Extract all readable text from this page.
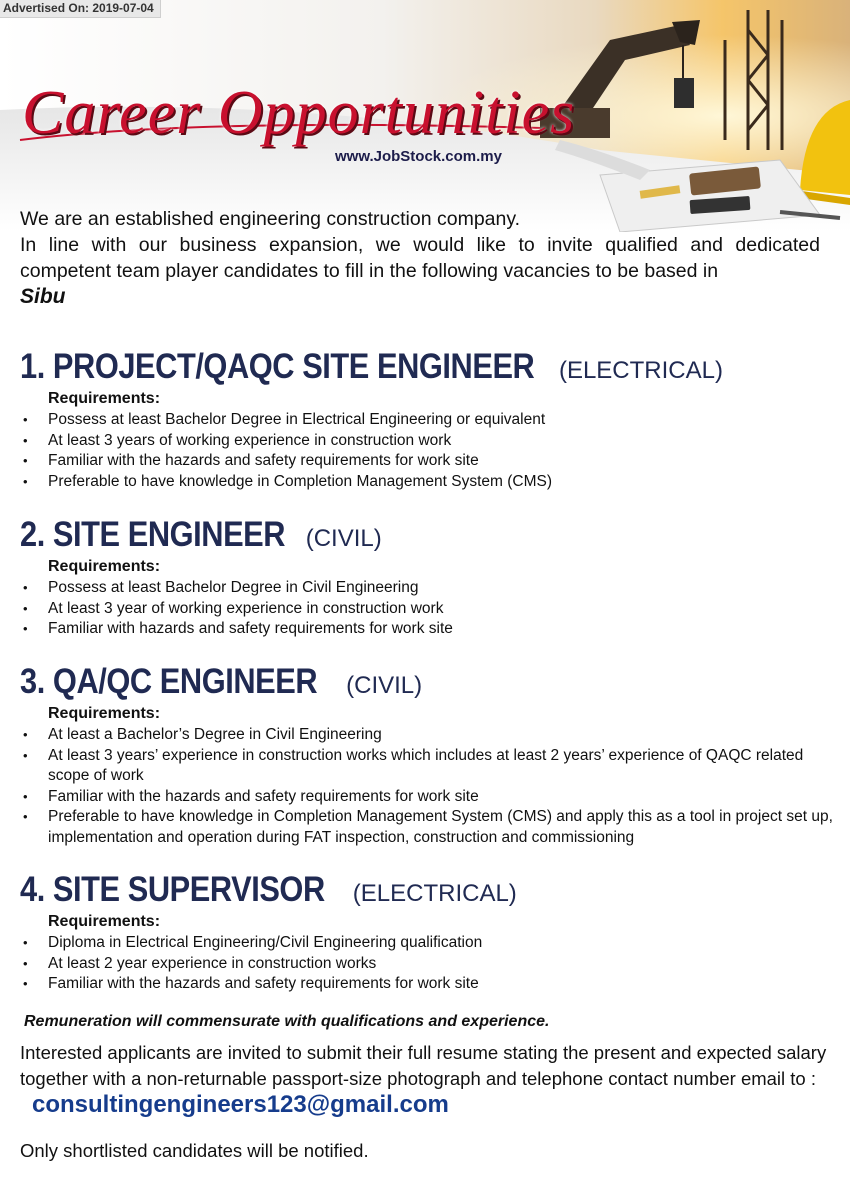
Advertised On: 2019-07-04
Career Opportunities
www.JobStock.com.my

We are an established engineering construction company.

In line with our business expansion, we would like to invite qualified and dedicated competent team player candidates to fill in the following vacancies to be based in

Sibu

1. PROJECT/QAQC SITE ENGINEER (ELECTRICAL)
Requirements:
• Possess at least Bachelor Degree in Electrical Engineering or equivalent
• At least 3 years of working experience in construction work
• Familiar with the hazards and safety requirements for work site
• Preferable to have knowledge in Completion Management System (CMS)
2. SITE ENGINEER (CIVIL)
Requirements:
• Possess at least Bachelor Degree in Civil Engineering
• At least 3 year of working experience in construction work
• Familiar with hazards and safety requirements for work site
3. QA/QC ENGINEER (CIVIL)
Requirements:
• At least a Bachelor’s Degree in Civil Engineering
• At least 3 years’ experience in construction works which includes at least 2 years’ experience of QAQC related scope of work
• Familiar with the hazards and safety requirements for work site
• Preferable to have knowledge in Completion Management System (CMS) and apply this as a tool in project set up, implementation and operation during FAT inspection, construction and commissioning
4. SITE SUPERVISOR (ELECTRICAL)
Requirements:
• Diploma in Electrical Engineering/Civil Engineering qualification
• At least 2 year experience in construction works
• Familiar with the hazards and safety requirements for work site
Remuneration will commensurate with qualifications and experience.
Interested applicants are invited to submit their full resume stating the present and expected salary together with a non-returnable passport-size photograph and telephone contact number email to : consultingengineers123@gmail.com
Only shortlisted candidates will be notified.
